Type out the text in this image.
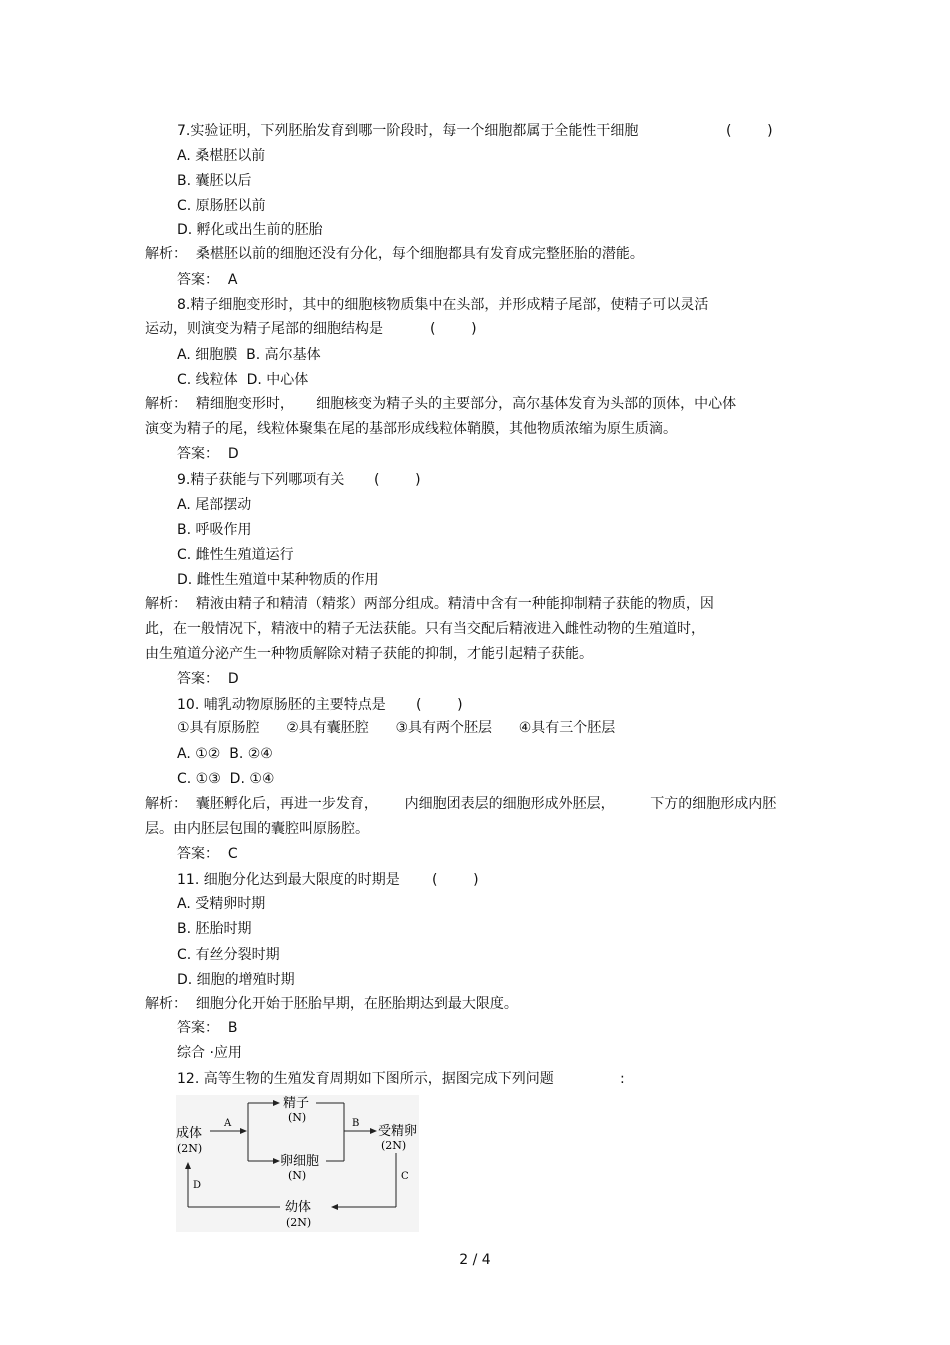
7.实验证明，下列胚胎发育到哪一阶段时，每一个细胞都属于全能性干细胞	(        )
A. 桑椹胚以前
B. 囊胚以后
C. 原肠胚以前
D. 孵化或出生前的胚胎
解析：  桑椹胚以前的细胞还没有分化，每个细胞都具有发育成完整胚胎的潜能。
答案：  A
8.精子细胞变形时，其中的细胞核物质集中在头部，并形成精子尾部，使精子可以灵活
运动，则演变为精子尾部的细胞结构是	(        )
A. 细胞膜  B. 高尔基体
C. 线粒体  D. 中心体
解析：  精细胞变形时，     细胞核变为精子头的主要部分，高尔基体发育为头部的顶体，中心体
演变为精子的尾，线粒体聚集在尾的基部形成线粒体鞘膜，其他物质浓缩为原生质滴。
答案：  D
9.精子获能与下列哪项有关 (        )
A. 尾部摆动
B. 呼吸作用
C. 雌性生殖道运行
D. 雌性生殖道中某种物质的作用
解析：  精液由精子和精清（精浆）两部分组成。精清中含有一种能抑制精子获能的物质，因
此，在一般情况下，精液中的精子无法获能。只有当交配后精液进入雌性动物的生殖道时，
由生殖道分泌产生一种物质解除对精子获能的抑制，才能引起精子获能。
答案：  D
10. 哺乳动物原肠胚的主要特点是 (        )
①具有原肠腔      ②具有囊胚腔      ③具有两个胚层      ④具有三个胚层
A. ①②  B. ②④
C. ①③  D. ①④
解析：  囊胚孵化后，再进一步发育，      内细胞团表层的细胞形成外胚层，        下方的细胞形成内胚
层。由内胚层包围的囊腔叫原肠腔。
答案：  C
11. 细胞分化达到最大限度的时期是 (        )
A. 受精卵时期
B. 胚胎时期
C. 有丝分裂时期
D. 细胞的增殖时期
解析：  细胞分化开始于胚胎早期，在胚胎期达到最大限度。
答案：  B
综合 ·应用
12. 高等生物的生殖发育周期如下图所示，据图完成下列问题	:
成体
(2N)
A
精子
(N)
卵细胞
(N)
B
受精卵
(2N)
C
幼体
(2N)
D
2 / 4
